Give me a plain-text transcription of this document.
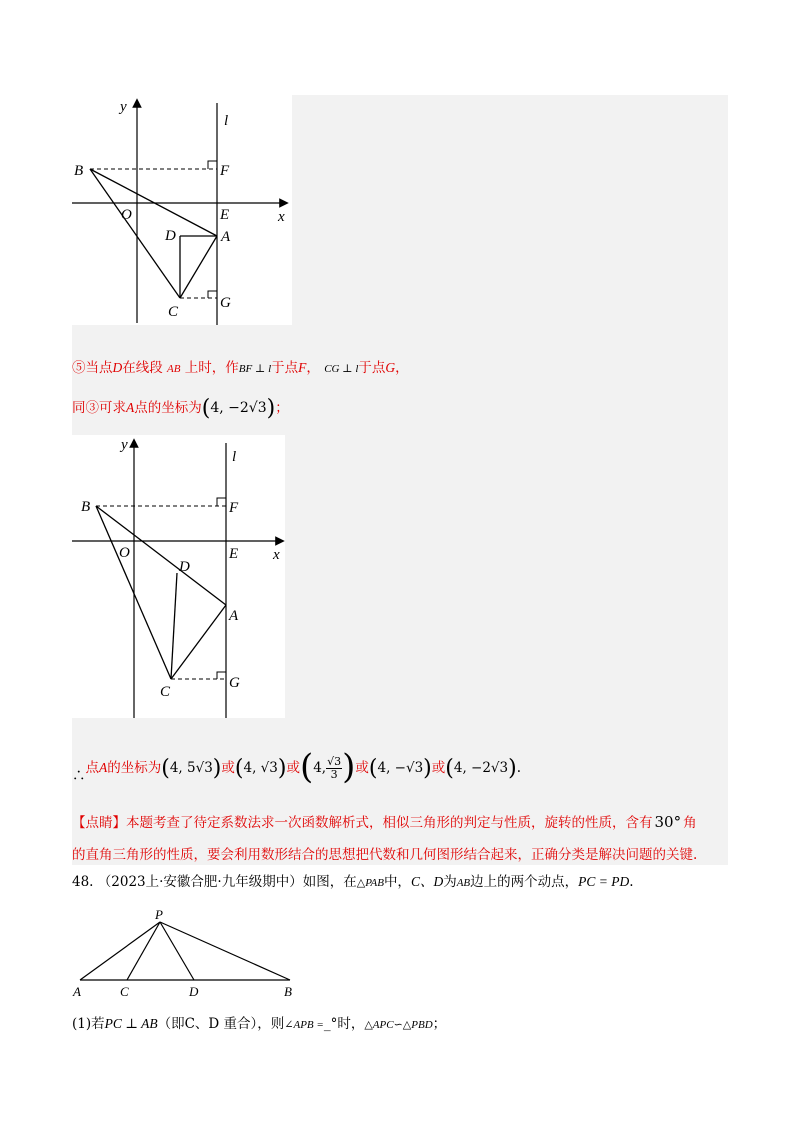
y
l
B	F
O	E	x
D	A
C
G
⑤当点D在线段 AB 上时，作BF ⊥ l于点F， CG ⊥ l于点G，
同③可求A点的坐标为(4, −2√3)；
y
l
B	F
O	E x
D
A
C
G
∴点A的坐标为(4, 5√3)或(4, √3)或(4, $\frac{√3}{3}$ )或(4, −√3)或(4, −2√3).
【点睛】本题考查了待定系数法求一次函数解析式，相似三角形的判定与性质，旋转的性质，含有 30° 角
的直角三角形的性质，要会利用数形结合的思想把代数和几何图形结合起来，正确分类是解决问题的关键.
48. （2023上·安徽合肥·九年级期中）如图，在△PAB中，C、D为AB边上的两个动点，PC = PD.
P
A	C	D	B
(1)若PC ⊥ AB（即C、D 重合），则∠APB =_°时，△APC∽△PBD；
